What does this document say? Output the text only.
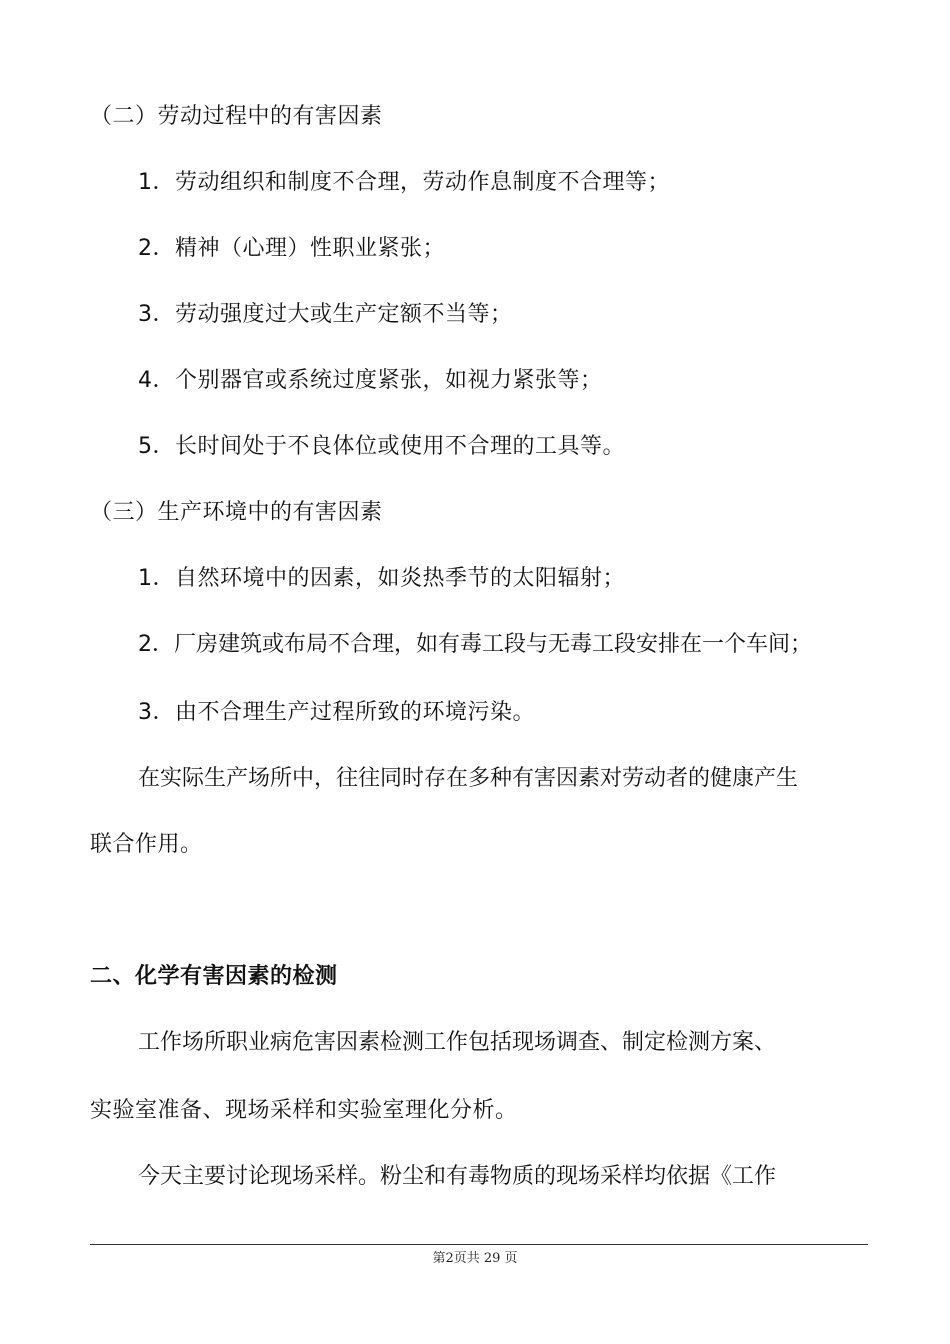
（二）劳动过程中的有害因素
1．劳动组织和制度不合理，劳动作息制度不合理等；
2．精神（心理）性职业紧张；
3．劳动强度过大或生产定额不当等；
4．个别器官或系统过度紧张，如视力紧张等；
5．长时间处于不良体位或使用不合理的工具等。
（三）生产环境中的有害因素
1．自然环境中的因素，如炎热季节的太阳辐射；
2．厂房建筑或布局不合理，如有毒工段与无毒工段安排在一个车间；
3．由不合理生产过程所致的环境污染。
在实际生产场所中，往往同时存在多种有害因素对劳动者的健康产生
联合作用。
二、化学有害因素的检测
工作场所职业病危害因素检测工作包括现场调查、制定检测方案、
实验室准备、现场采样和实验室理化分析。
今天主要讨论现场采样。粉尘和有毒物质的现场采样均依据《工作
第2页共 29 页
